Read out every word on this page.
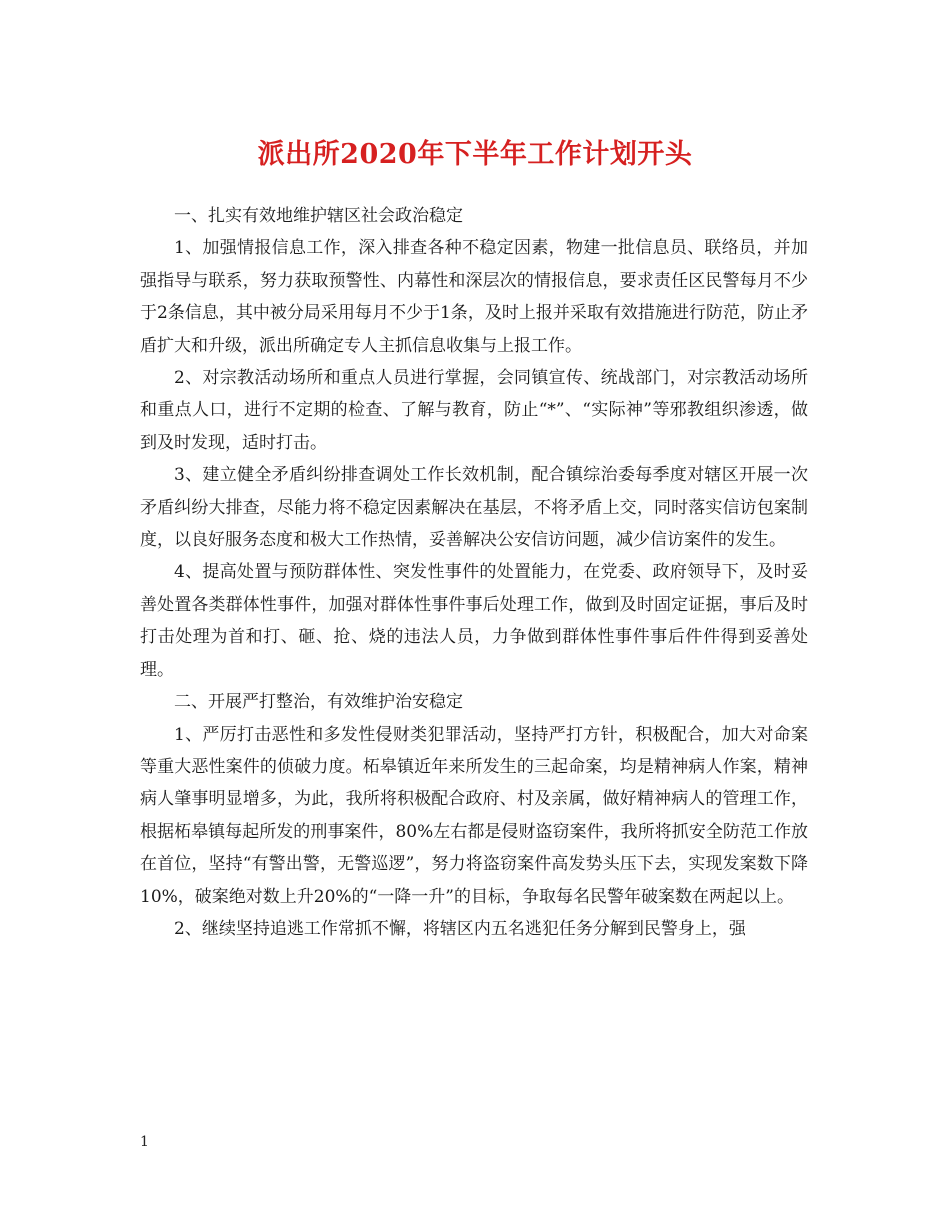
派出所2020年下半年工作计划开头

一、扎实有效地维护辖区社会政治稳定

1、加强情报信息工作，深入排查各种不稳定因素，物建一批信息员、联络员，并加强指导与联系，努力获取预警性、内幕性和深层次的情报信息，要求责任区民警每月不少于2条信息，其中被分局采用每月不少于1条，及时上报并采取有效措施进行防范，防止矛盾扩大和升级，派出所确定专人主抓信息收集与上报工作。

2、对宗教活动场所和重点人员进行掌握，会同镇宣传、统战部门，对宗教活动场所和重点人口，进行不定期的检查、了解与教育，防止“*”、“实际神”等邪教组织渗透，做到及时发现，适时打击。

3、建立健全矛盾纠纷排查调处工作长效机制，配合镇综治委每季度对辖区开展一次矛盾纠纷大排查，尽能力将不稳定因素解决在基层，不将矛盾上交，同时落实信访包案制度，以良好服务态度和极大工作热情，妥善解决公安信访问题，减少信访案件的发生。

4、提高处置与预防群体性、突发性事件的处置能力，在党委、政府领导下，及时妥善处置各类群体性事件，加强对群体性事件事后处理工作，做到及时固定证据，事后及时打击处理为首和打、砸、抢、烧的违法人员，力争做到群体性事件事后件件得到妥善处理。

二、开展严打整治，有效维护治安稳定

1、严厉打击恶性和多发性侵财类犯罪活动，坚持严打方针，积极配合，加大对命案等重大恶性案件的侦破力度。柘皋镇近年来所发生的三起命案，均是精神病人作案，精神病人肇事明显增多，为此，我所将积极配合政府、村及亲属，做好精神病人的管理工作，根据柘皋镇每起所发的刑事案件，80%左右都是侵财盗窃案件，我所将抓安全防范工作放在首位，坚持“有警出警，无警巡逻”，努力将盗窃案件高发势头压下去，实现发案数下降10%，破案绝对数上升20%的“一降一升”的目标，争取每名民警年破案数在两起以上。

2、继续坚持追逃工作常抓不懈，将辖区内五名逃犯任务分解到民警身上，强

1
